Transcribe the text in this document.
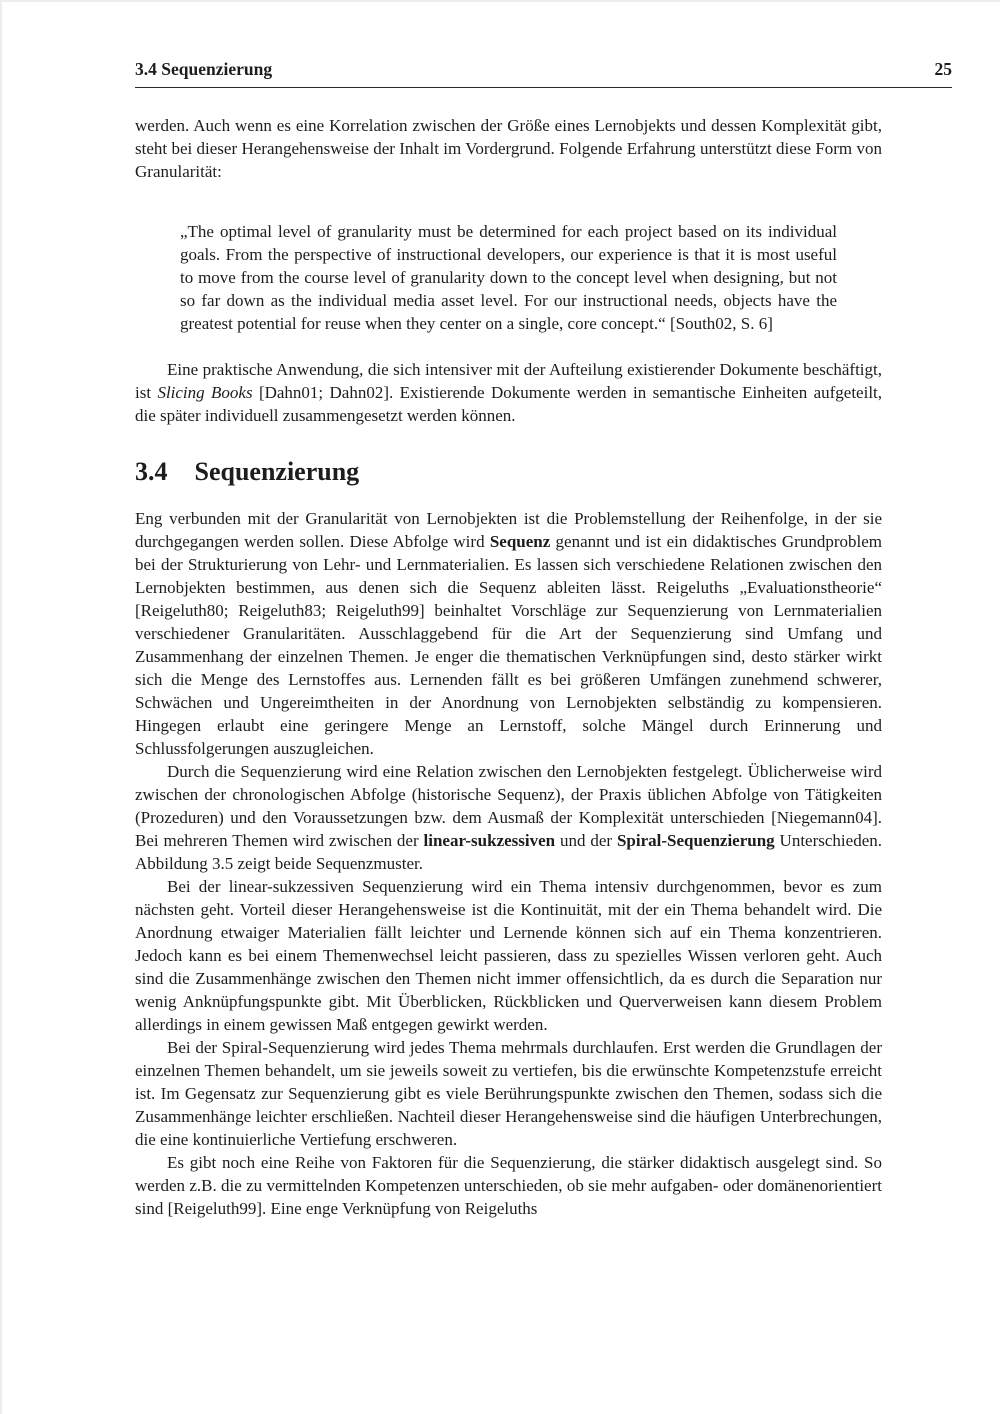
3.4 Sequenzierung	25

werden. Auch wenn es eine Korrelation zwischen der Größe eines Lernobjekts und dessen Komplexität gibt, steht bei dieser Herangehensweise der Inhalt im Vordergrund. Folgende Erfahrung unterstützt diese Form von Granularität:

„The optimal level of granularity must be determined for each project based on its individual goals. From the perspective of instructional developers, our experience is that it is most useful to move from the course level of granularity down to the concept level when designing, but not so far down as the individual media asset level. For our instructional needs, objects have the greatest potential for reuse when they center on a single, core concept.“ [South02, S. 6]

Eine praktische Anwendung, die sich intensiver mit der Aufteilung existierender Dokumente beschäftigt, ist Slicing Books [Dahn01; Dahn02]. Existierende Dokumente werden in semantische Einheiten aufgeteilt, die später individuell zusammengesetzt werden können.

3.4 Sequenzierung

Eng verbunden mit der Granularität von Lernobjekten ist die Problemstellung der Reihenfolge, in der sie durchgegangen werden sollen. Diese Abfolge wird Sequenz genannt und ist ein didaktisches Grundproblem bei der Strukturierung von Lehr- und Lernmaterialien. Es lassen sich verschiedene Relationen zwischen den Lernobjekten bestimmen, aus denen sich die Sequenz ableiten lässt. Reigeluths „Evaluationstheorie“ [Reigeluth80; Reigeluth83; Reigeluth99] beinhaltet Vorschläge zur Sequenzierung von Lernmaterialien verschiedener Granularitäten. Ausschlaggebend für die Art der Sequenzierung sind Umfang und Zusammenhang der einzelnen Themen. Je enger die thematischen Verknüpfungen sind, desto stärker wirkt sich die Menge des Lernstoffes aus. Lernenden fällt es bei größeren Umfängen zunehmend schwerer, Schwächen und Ungereimtheiten in der Anordnung von Lernobjekten selbständig zu kompensieren. Hingegen erlaubt eine geringere Menge an Lernstoff, solche Mängel durch Erinnerung und Schlussfolgerungen auszugleichen.

Durch die Sequenzierung wird eine Relation zwischen den Lernobjekten festgelegt. Üblicherweise wird zwischen der chronologischen Abfolge (historische Sequenz), der Praxis üblichen Abfolge von Tätigkeiten (Prozeduren) und den Voraussetzungen bzw. dem Ausmaß der Komplexität unterschieden [Niegemann04]. Bei mehreren Themen wird zwischen der linear-sukzessiven und der Spiral-Sequenzierung Unterschieden. Abbildung 3.5 zeigt beide Sequenzmuster.

Bei der linear-sukzessiven Sequenzierung wird ein Thema intensiv durchgenommen, bevor es zum nächsten geht. Vorteil dieser Herangehensweise ist die Kontinuität, mit der ein Thema behandelt wird. Die Anordnung etwaiger Materialien fällt leichter und Lernende können sich auf ein Thema konzentrieren. Jedoch kann es bei einem Themenwechsel leicht passieren, dass zu spezielles Wissen verloren geht. Auch sind die Zusammenhänge zwischen den Themen nicht immer offensichtlich, da es durch die Separation nur wenig Anknüpfungspunkte gibt. Mit Überblicken, Rückblicken und Querverweisen kann diesem Problem allerdings in einem gewissen Maß entgegen gewirkt werden.

Bei der Spiral-Sequenzierung wird jedes Thema mehrmals durchlaufen. Erst werden die Grundlagen der einzelnen Themen behandelt, um sie jeweils soweit zu vertiefen, bis die erwünschte Kompetenzstufe erreicht ist. Im Gegensatz zur Sequenzierung gibt es viele Berührungspunkte zwischen den Themen, sodass sich die Zusammenhänge leichter erschließen. Nachteil dieser Herangehensweise sind die häufigen Unterbrechungen, die eine kontinuierliche Vertiefung erschweren.

Es gibt noch eine Reihe von Faktoren für die Sequenzierung, die stärker didaktisch ausgelegt sind. So werden z.B. die zu vermittelnden Kompetenzen unterschieden, ob sie mehr aufgaben- oder domänenorientiert sind [Reigeluth99]. Eine enge Verknüpfung von Reigeluths
